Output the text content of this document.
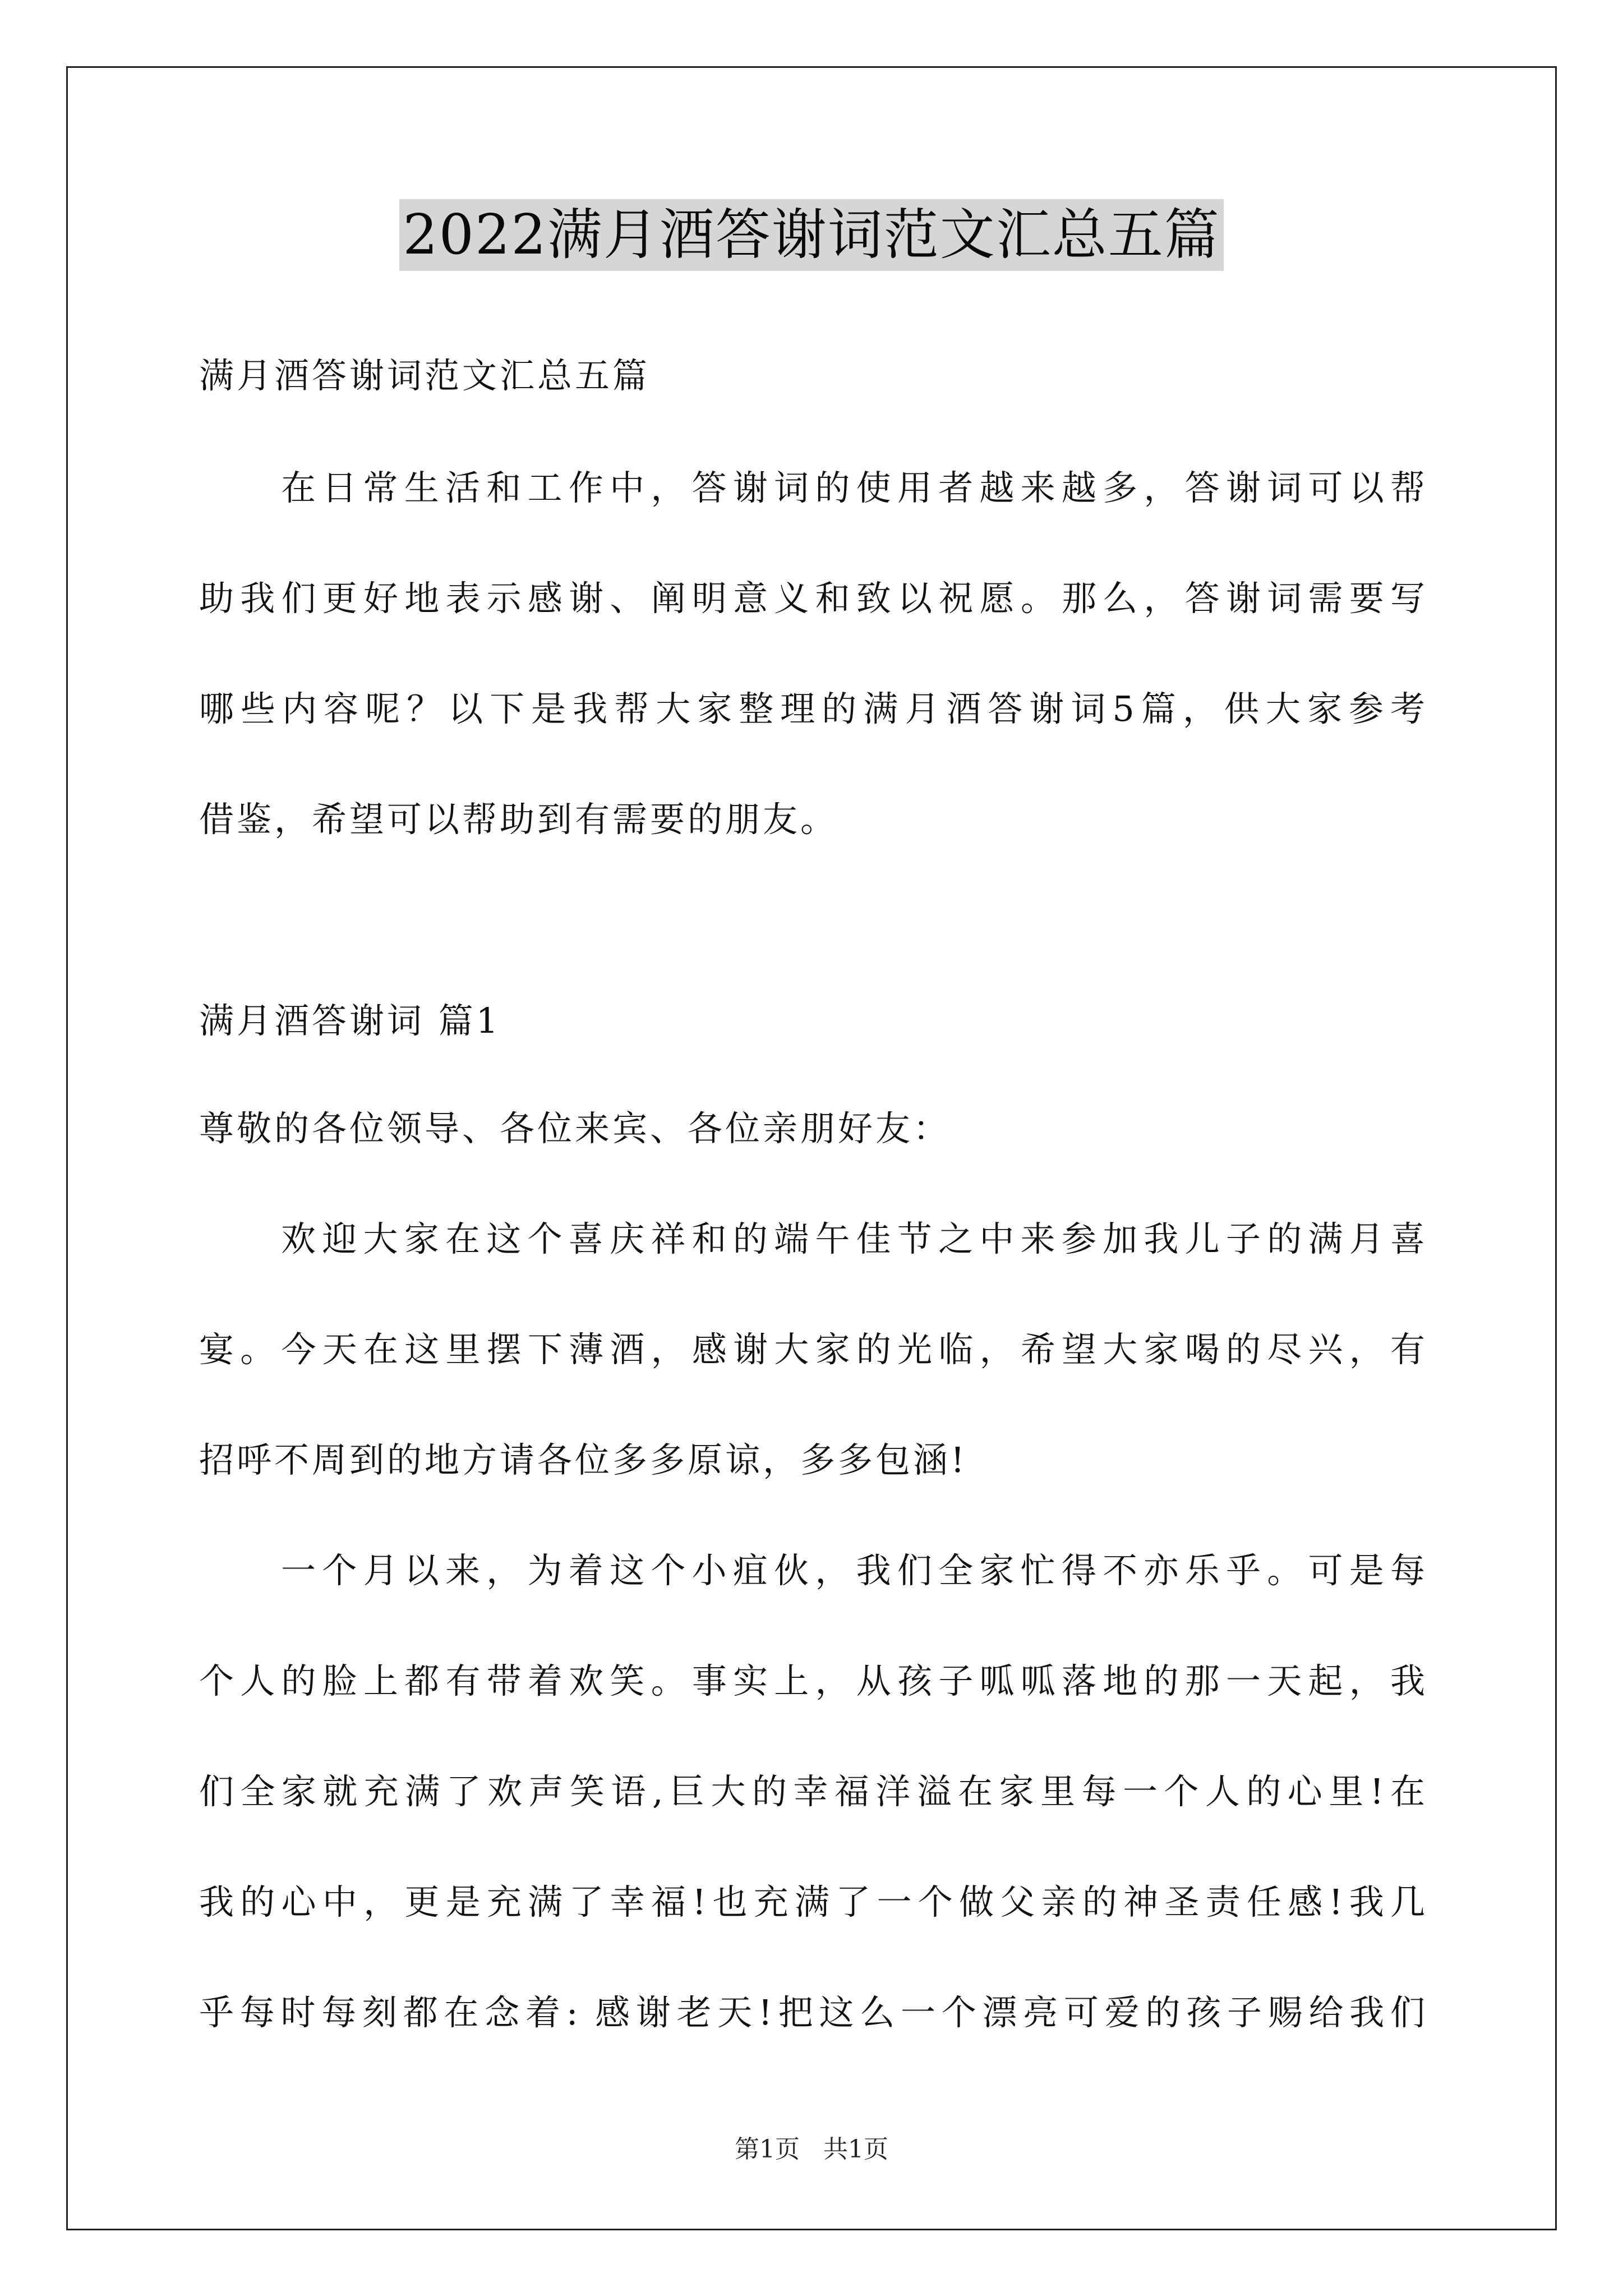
2022满月酒答谢词范文汇总五篇
满月酒答谢词范文汇总五篇
在日常生活和工作中，答谢词的使用者越来越多，答谢词可以帮
助我们更好地表示感谢、阐明意义和致以祝愿。那么，答谢词需要写
哪些内容呢？以下是我帮大家整理的满月酒答谢词5篇，供大家参考
借鉴，希望可以帮助到有需要的朋友。
满月酒答谢词 篇1
尊敬的各位领导、各位来宾、各位亲朋好友：
欢迎大家在这个喜庆祥和的端午佳节之中来参加我儿子的满月喜
宴。今天在这里摆下薄酒，感谢大家的光临，希望大家喝的尽兴，有
招呼不周到的地方请各位多多原谅，多多包涵!
一个月以来，为着这个小疽伙，我们全家忙得不亦乐乎。可是每
个人的脸上都有带着欢笑。事实上，从孩子呱呱落地的那一天起，我
们全家就充满了欢声笑语,巨大的幸福洋溢在家里每一个人的心里!在
我的心中，更是充满了幸福!也充满了一个做父亲的神圣责任感!我几
乎每时每刻都在念着: 感谢老天!把这么一个漂亮可爱的孩子赐给我们
第1页 共1页
